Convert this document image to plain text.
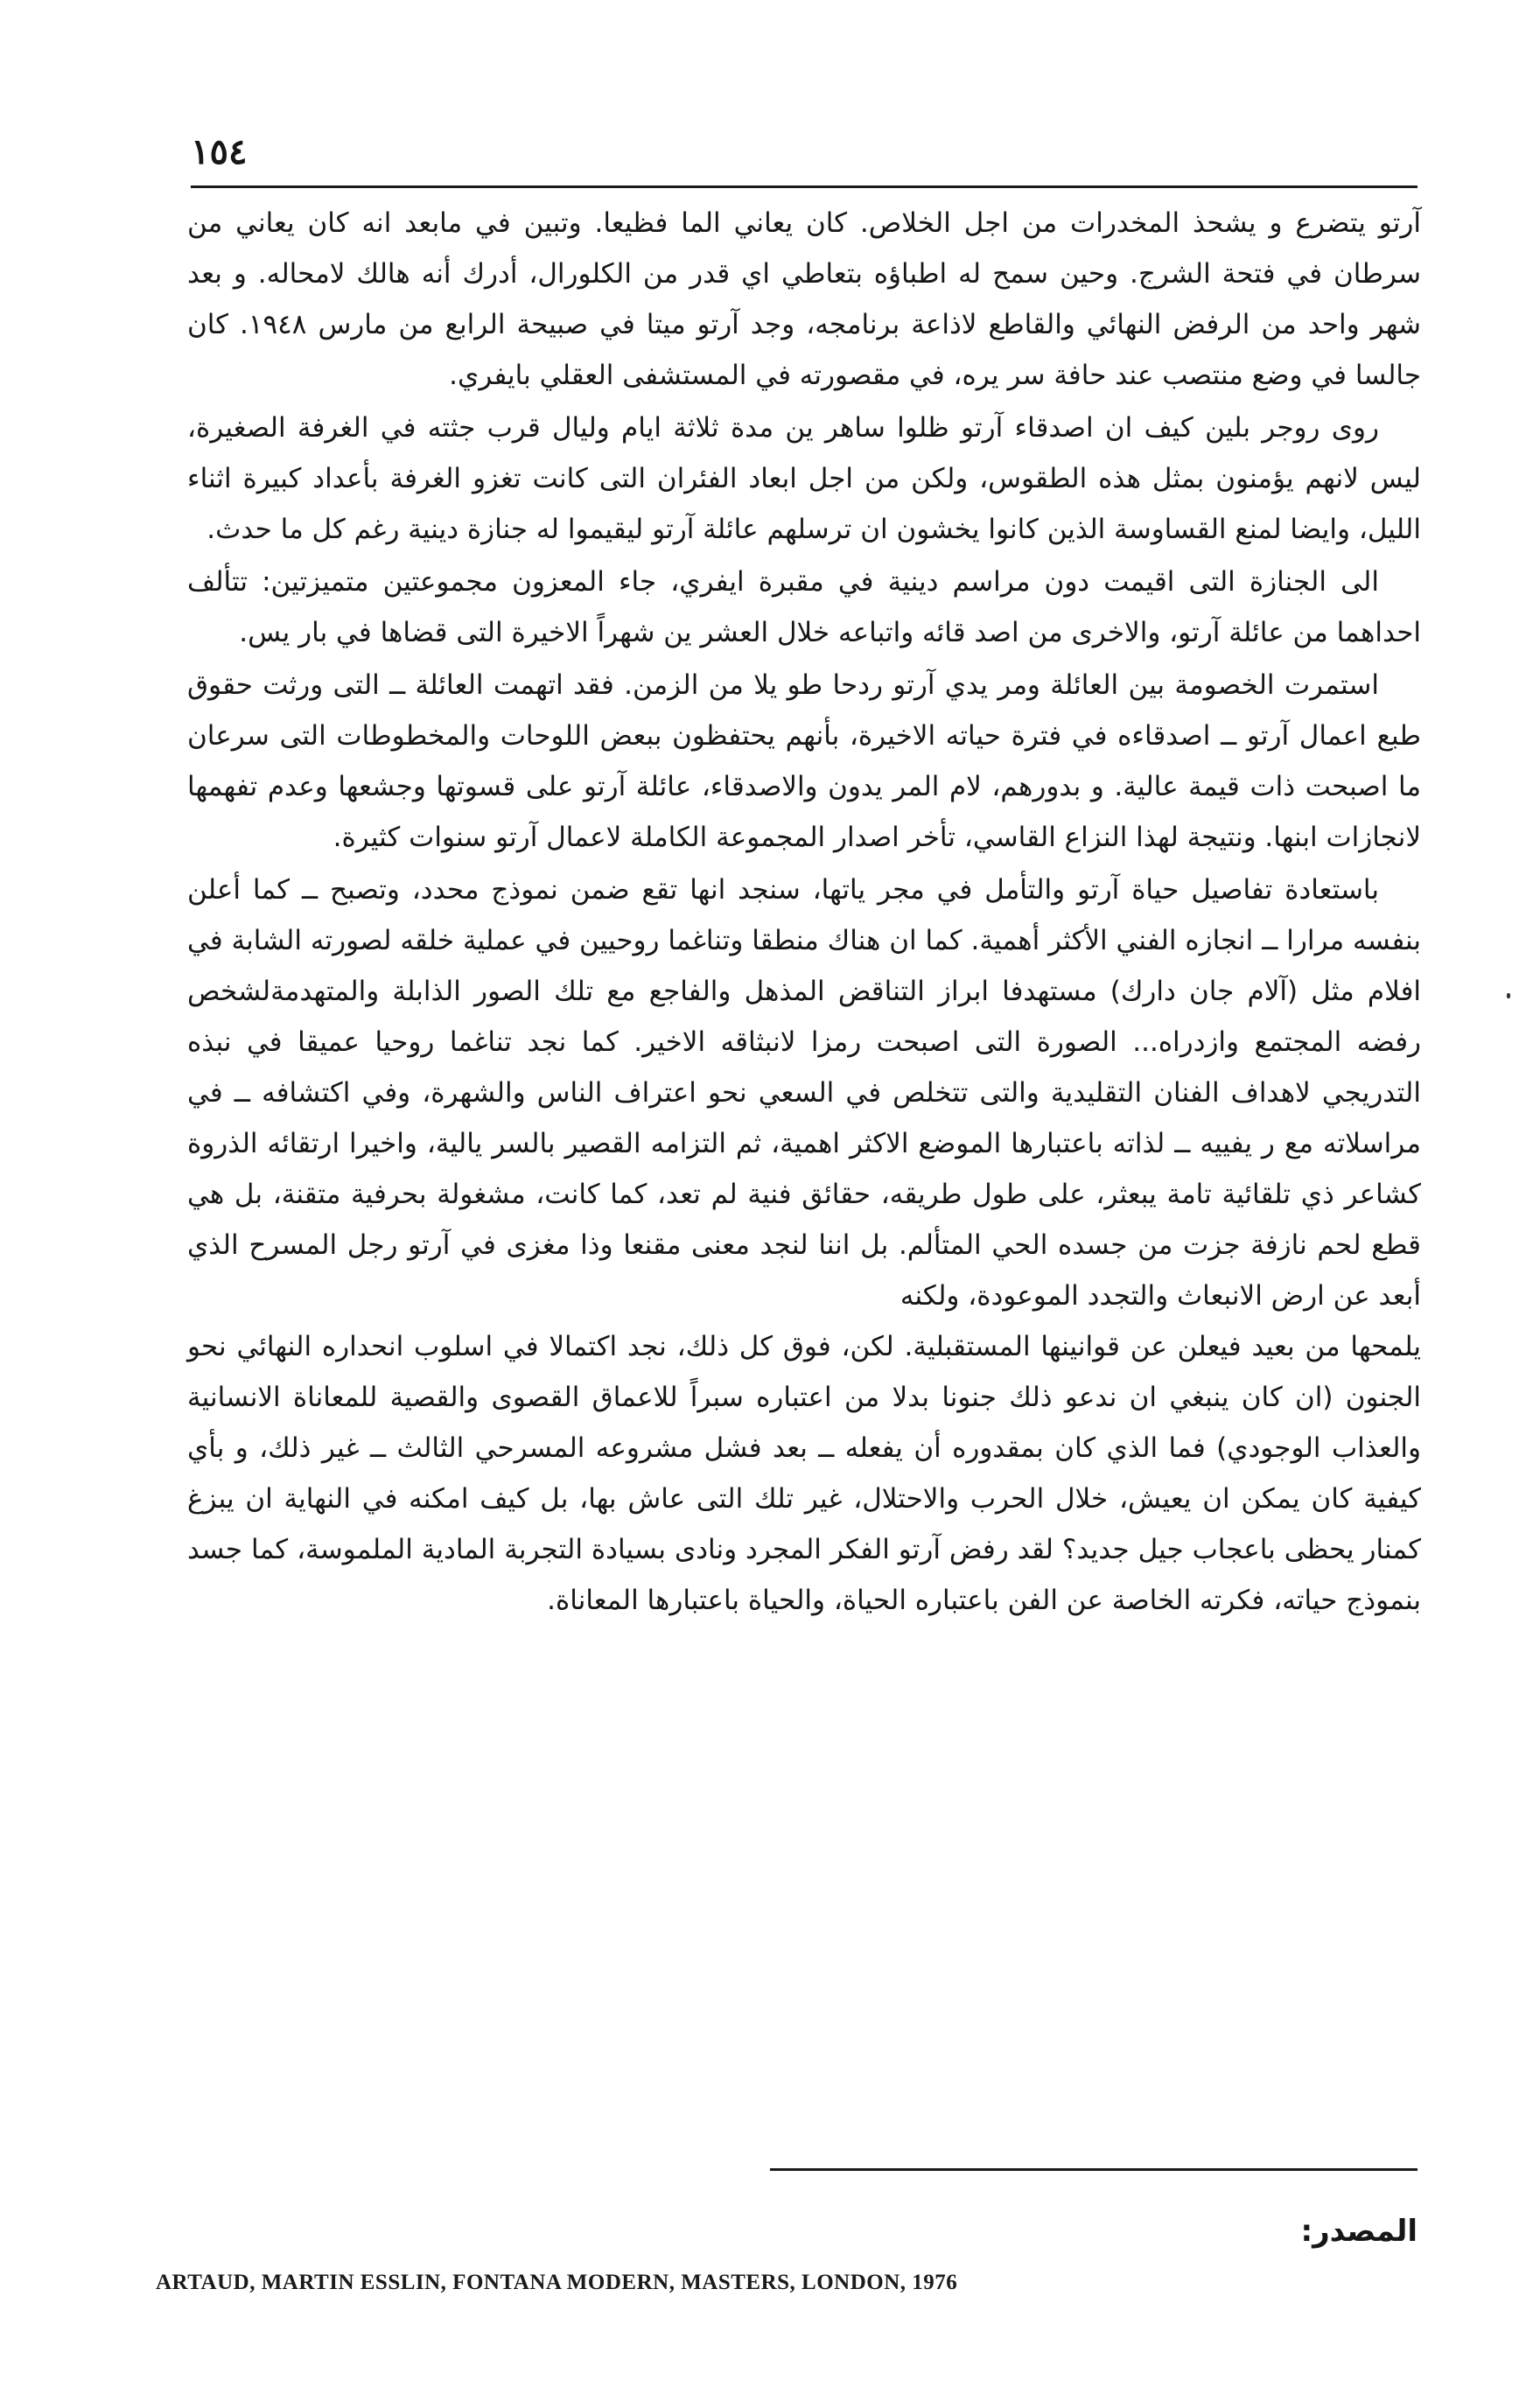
١٥٤

آرتو يتضرع و يشحذ المخدرات من اجل الخلاص. كان يعاني الما فظيعا. وتبين في مابعد انه كان يعاني من سرطان في فتحة الشرج. وحين سمح له اطباؤه بتعاطي اي قدر من الكلورال، أدرك أنه هالك لامحاله. و بعد شهر واحد من الرفض النهائي والقاطع لاذاعة برنامجه، وجد آرتو ميتا في صبيحة الرابع من مارس ١٩٤٨. كان جالسا في وضع منتصب عند حافة سر يره، في مقصورته في المستشفى العقلي بايفري.

روى روجر بلين كيف ان اصدقاء آرتو ظلوا ساهر ين مدة ثلاثة ايام وليال قرب جثته في الغرفة الصغيرة، ليس لانهم يؤمنون بمثل هذه الطقوس، ولكن من اجل ابعاد الفئران التى كانت تغزو الغرفة بأعداد كبيرة اثناء الليل، وايضا لمنع القساوسة الذين كانوا يخشون ان ترسلهم عائلة آرتو ليقيموا له جنازة دينية رغم كل ما حدث.

الى الجنازة التى اقيمت دون مراسم دينية في مقبرة ايفري، جاء المعزون مجموعتين متميزتين: تتألف احداهما من عائلة آرتو، والاخرى من اصد قائه واتباعه خلال العشر ين شهراً الاخيرة التى قضاها في بار يس.

استمرت الخصومة بين العائلة ومر يدي آرتو ردحا طو يلا من الزمن. فقد اتهمت العائلة ــ التى ورثت حقوق طبع اعمال آرتو ــ اصدقاءه في فترة حياته الاخيرة، بأنهم يحتفظون ببعض اللوحات والمخطوطات التى سرعان ما اصبحت ذات قيمة عالية. و بدورهم، لام المر يدون والاصدقاء، عائلة آرتو على قسوتها وجشعها وعدم تفهمها لانجازات ابنها. ونتيجة لهذا النزاع القاسي، تأخر اصدار المجموعة الكاملة لاعمال آرتو سنوات كثيرة.

باستعادة تفاصيل حياة آرتو والتأمل في مجر ياتها، سنجد انها تقع ضمن نموذج محدد، وتصبح ــ كما أعلن بنفسه مرارا ــ انجازه الفني الأكثر أهمية. كما ان هناك منطقا وتناغما روحيين في عملية خلقه لصورته الشابة في افلام مثل (آلام جان دارك) مستهدفا ابراز التناقض المذهل والفاجع مع تلك الصور الذابلة والمتهدمةلشخص رفضه المجتمع وازدراه... الصورة التى اصبحت رمزا لانبثاقه الاخير. كما نجد تناغما روحيا عميقا في نبذه التدريجي لاهداف الفنان التقليدية والتى تتخلص في السعي نحو اعتراف الناس والشهرة، وفي اكتشافه ــ في مراسلاته مع ر يفييه ــ لذاته باعتبارها الموضع الاكثر اهمية، ثم التزامه القصير بالسر يالية، واخيرا ارتقائه الذروة كشاعر ذي تلقائية تامة يبعثر، على طول طريقه، حقائق فنية لم تعد، كما كانت، مشغولة بحرفية متقنة، بل هي قطع لحم نازفة جزت من جسده الحي المتألم. بل اننا لنجد معنى مقنعا وذا مغزى في آرتو رجل المسرح الذي أبعد عن ارض الانبعاث والتجدد الموعودة، ولكنه

يلمحها من بعيد فيعلن عن قوانينها المستقبلية. لكن، فوق كل ذلك، نجد اكتمالا في اسلوب انحداره النهائي نحو الجنون (ان كان ينبغي ان ندعو ذلك جنونا بدلا من اعتباره سبراً للاعماق القصوى والقصية للمعاناة الانسانية والعذاب الوجودي) فما الذي كان بمقدوره أن يفعله ــ بعد فشل مشروعه المسرحي الثالث ــ غير ذلك، و بأي كيفية كان يمكن ان يعيش، خلال الحرب والاحتلال، غير تلك التى عاش بها، بل كيف امكنه في النهاية ان يبزغ كمنار يحظى باعجاب جيل جديد؟ لقد رفض آرتو الفكر المجرد ونادى بسيادة التجربة المادية الملموسة، كما جسد بنموذج حياته، فكرته الخاصة عن الفن باعتباره الحياة، والحياة باعتبارها المعاناة.

المصدر:
ARTAUD, MARTIN ESSLIN, FONTANA MODERN, MASTERS, LONDON, 1976
